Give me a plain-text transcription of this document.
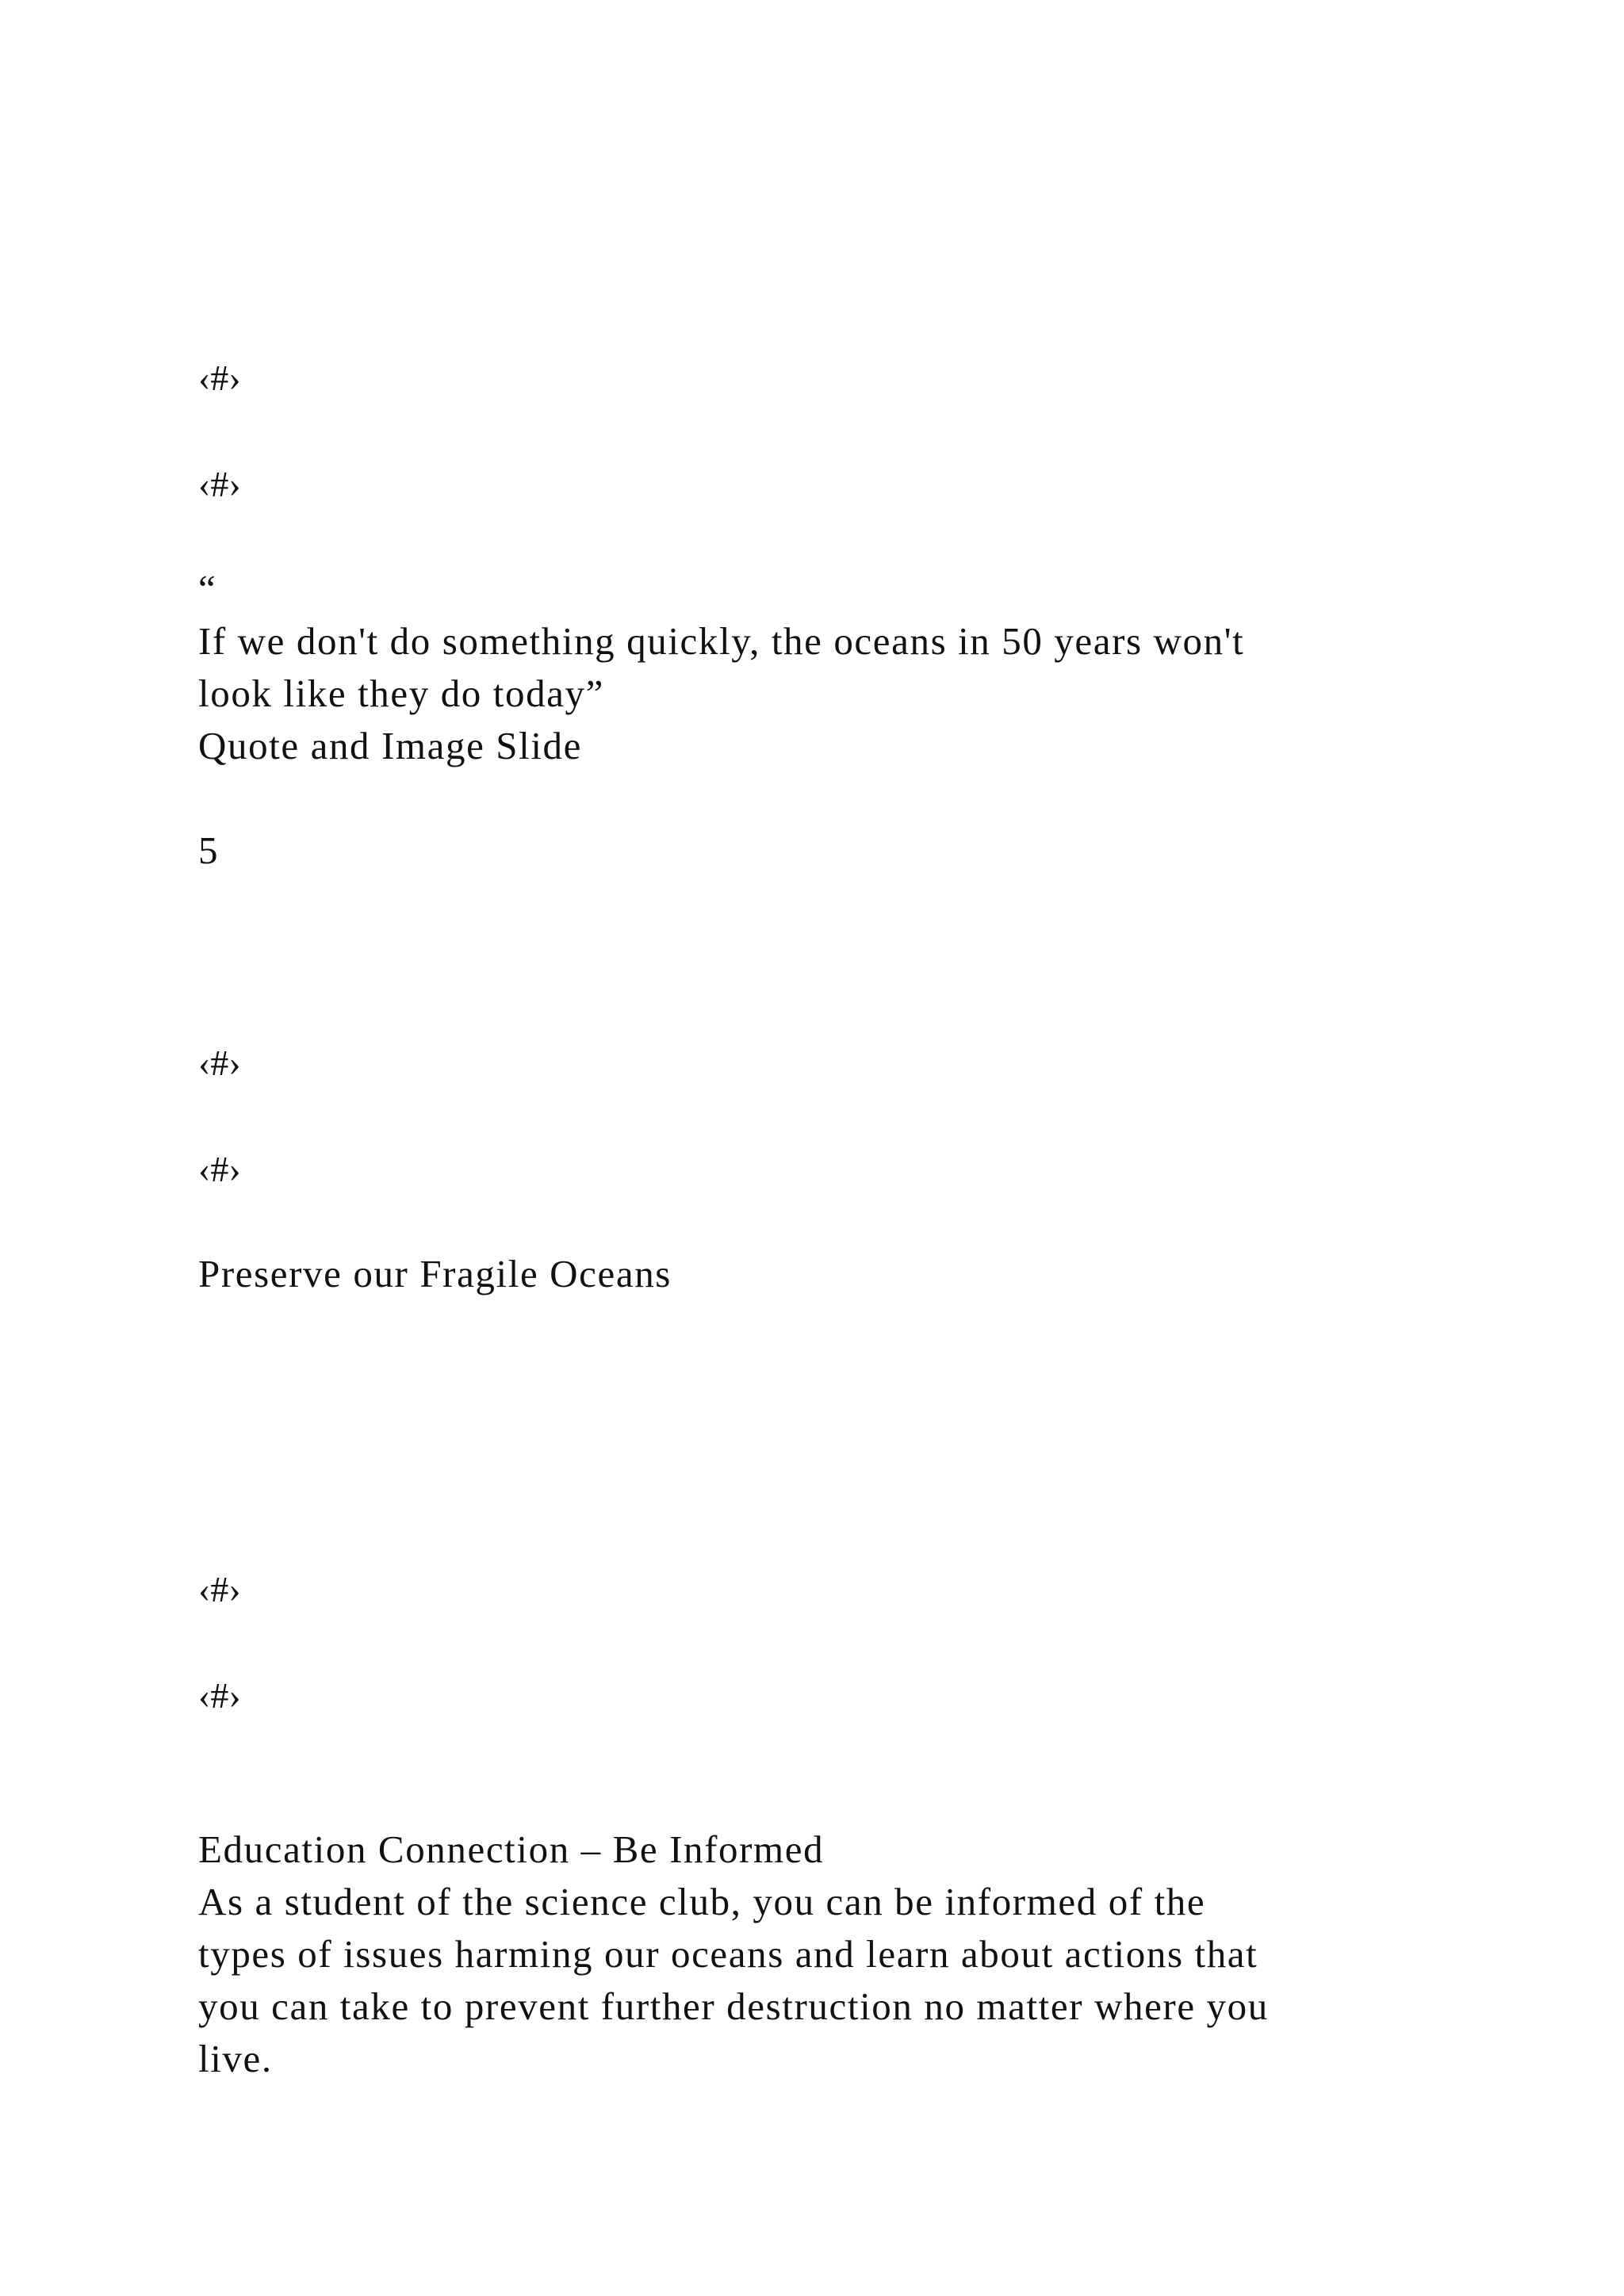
‹#›
‹#›
“
If we don't do something quickly, the oceans in 50 years won't
look like they do today”
Quote and Image Slide
5
‹#›
‹#›
Preserve our Fragile Oceans
‹#›
‹#›
Education Connection – Be Informed
As a student of the science club, you can be informed of the
types of issues harming our oceans and learn about actions that
you can take to prevent further destruction no matter where you
live.
